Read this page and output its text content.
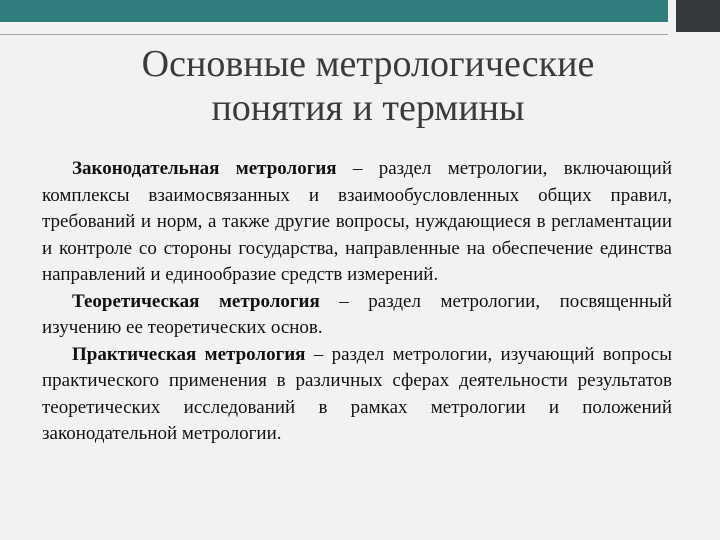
Основные метрологические
понятия и термины

Законодательная метрология – раздел метрологии, включающий комплексы взаимосвязанных и взаимообусловленных общих правил, требований и норм, а также другие вопросы, нуждающиеся в регламентации и контроле со стороны государства, направленные на обеспечение единства направлений и единообразие средств измерений.

Теоретическая метрология – раздел метрологии, посвященный изучению ее теоретических основ.

Практическая метрология – раздел метрологии, изучающий вопросы практического применения в различных сферах деятельности результатов теоретических исследований в рамках метрологии и положений законодательной метрологии.
